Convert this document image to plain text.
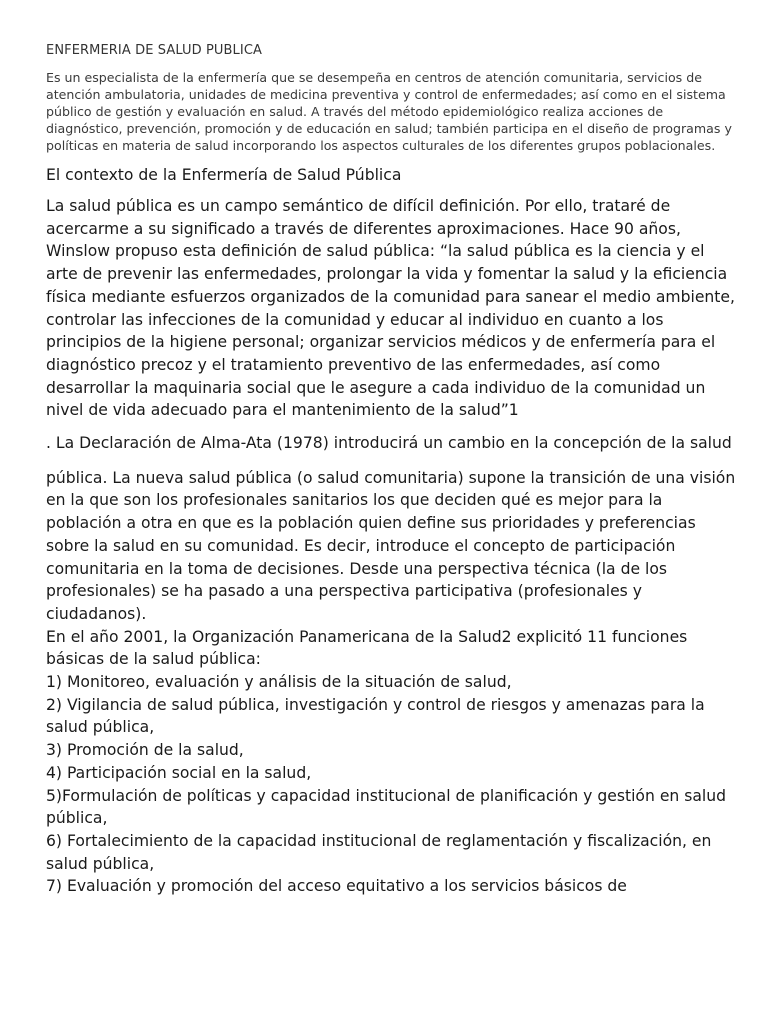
ENFERMERIA DE SALUD PUBLICA

Es un especialista de la enfermería que se desempeña en centros de atención comunitaria, servicios de atención ambulatoria, unidades de medicina preventiva y control de enfermedades; así como en el sistema público de gestión y evaluación en salud. A través del método epidemiológico realiza acciones de diagnóstico, prevención, promoción y de educación en salud; también participa en el diseño de programas y políticas en materia de salud incorporando los aspectos culturales de los diferentes grupos poblacionales.

El contexto de la Enfermería de Salud Pública

La salud pública es un campo semántico de difícil definición. Por ello, trataré de acercarme a su significado a través de diferentes aproximaciones. Hace 90 años, Winslow propuso esta definición de salud pública: “la salud pública es la ciencia y el arte de prevenir las enfermedades, prolongar la vida y fomentar la salud y la eficiencia física mediante esfuerzos organizados de la comunidad para sanear el medio ambiente, controlar las infecciones de la comunidad y educar al individuo en cuanto a los principios de la higiene personal; organizar servicios médicos y de enfermería para el diagnóstico precoz y el tratamiento preventivo de las enfermedades, así como desarrollar la maquinaria social que le asegure a cada individuo de la comunidad un nivel de vida adecuado para el mantenimiento de la salud”1

. La Declaración de Alma-Ata (1978) introducirá un cambio en la concepción de la salud

pública. La nueva salud pública (o salud comunitaria) supone la transición de una visión en la que son los profesionales sanitarios los que deciden qué es mejor para la población a otra en que es la población quien define sus prioridades y preferencias sobre la salud en su comunidad. Es decir, introduce el concepto de participación comunitaria en la toma de decisiones. Desde una perspectiva técnica (la de los profesionales) se ha pasado a una perspectiva participativa (profesionales y ciudadanos).

En el año 2001, la Organización Panamericana de la Salud2 explicitó 11 funciones básicas de la salud pública:

1) Monitoreo, evaluación y análisis de la situación de salud,

2) Vigilancia de salud pública, investigación y control de riesgos y amenazas para la salud pública,

3) Promoción de la salud,

4) Participación social en la salud,

5)Formulación de políticas y capacidad institucional de planificación y gestión en salud pública,

6) Fortalecimiento de la capacidad institucional de reglamentación y fiscalización, en salud pública,

7) Evaluación y promoción del acceso equitativo a los servicios básicos de
